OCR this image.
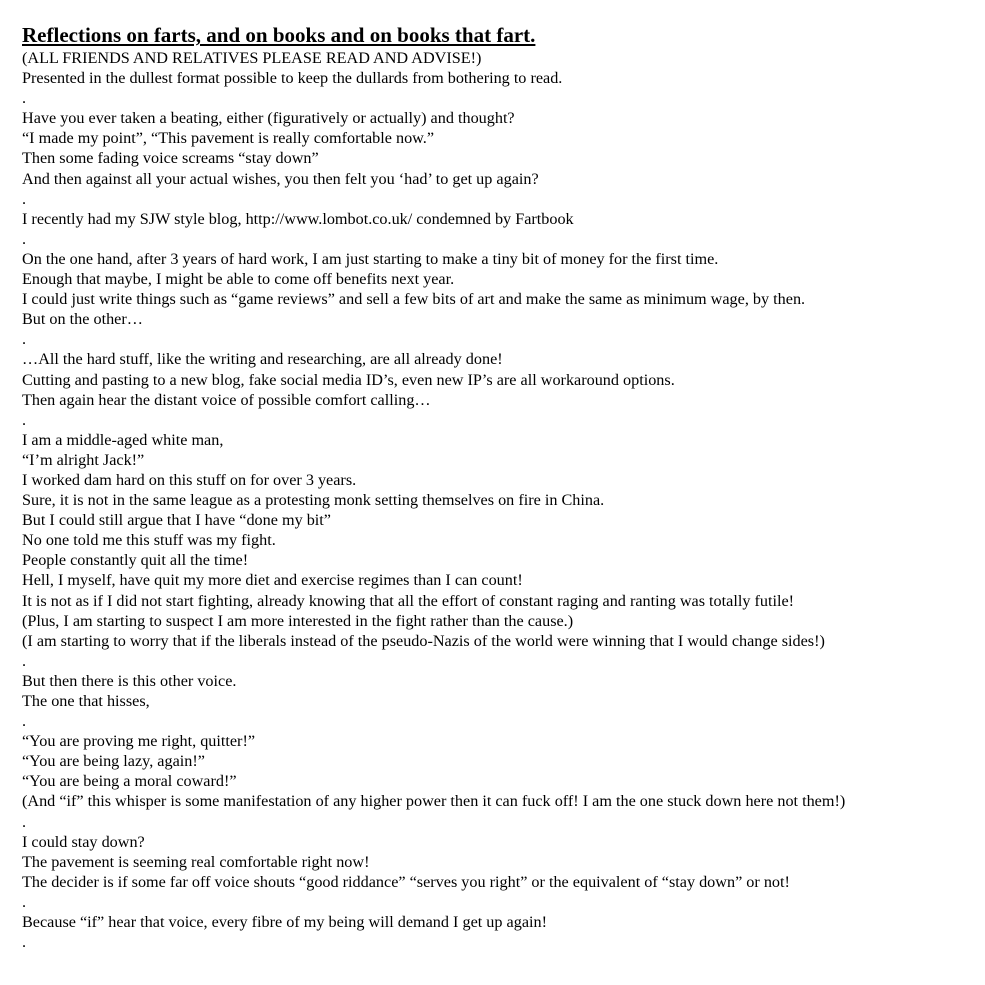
Reflections on farts, and on books and on books that fart.
(ALL FRIENDS AND RELATIVES PLEASE READ AND ADVISE!)
Presented in the dullest format possible to keep the dullards from bothering to read.
.
Have you ever taken a beating, either (figuratively or actually) and thought?
“I made my point”, “This pavement is really comfortable now.”
Then some fading voice screams “stay down”
And then against all your actual wishes, you then felt you ‘had’ to get up again?
.
I recently had my SJW style blog, http://www.lombot.co.uk/ condemned by Fartbook
.
On the one hand, after 3 years of hard work, I am just starting to make a tiny bit of money for the first time.
Enough that maybe, I might be able to come off benefits next year.
I could just write things such as “game reviews” and sell a few bits of art and make the same as minimum wage, by then.
But on the other…
.
…All the hard stuff, like the writing and researching, are all already done!
Cutting and pasting to a new blog, fake social media ID’s, even new IP’s are all workaround options.
Then again hear the distant voice of possible comfort calling…
.
I am a middle-aged white man,
“I’m alright Jack!”
I worked dam hard on this stuff on for over 3 years.
Sure, it is not in the same league as a protesting monk setting themselves on fire in China.
But I could still argue that I have “done my bit”
No one told me this stuff was my fight.
People constantly quit all the time!
Hell, I myself, have quit my more diet and exercise regimes than I can count!
It is not as if I did not start fighting, already knowing that all the effort of constant raging and ranting was totally futile!
(Plus, I am starting to suspect I am more interested in the fight rather than the cause.)
(I am starting to worry that if the liberals instead of the pseudo-Nazis of the world were winning that I would change sides!)
.
But then there is this other voice.
The one that hisses,
.
“You are proving me right, quitter!”
“You are being lazy, again!”
“You are being a moral coward!”
(And “if” this whisper is some manifestation of any higher power then it can fuck off! I am the one stuck down here not them!)
.
I could stay down?
The pavement is seeming real comfortable right now!
The decider is if some far off voice shouts “good riddance” “serves you right” or the equivalent of “stay down” or not!
.
Because “if” hear that voice, every fibre of my being will demand I get up again!
.
